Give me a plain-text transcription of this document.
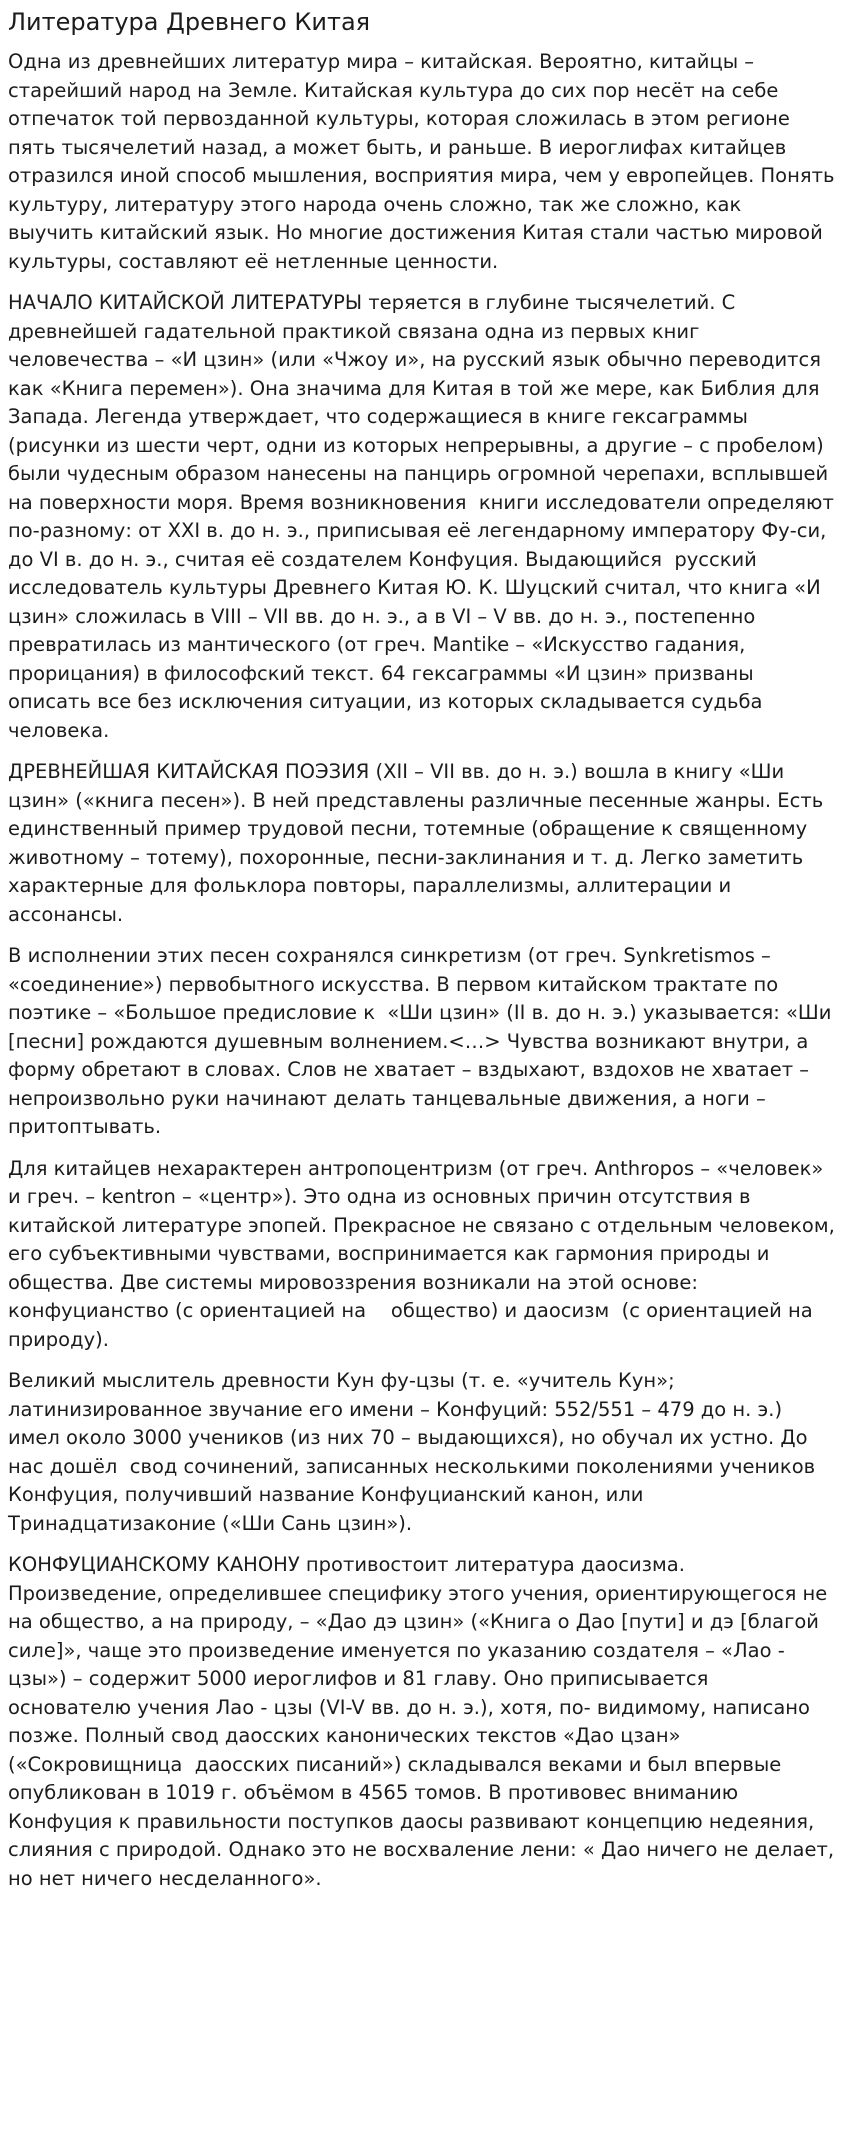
Литература Древнего Китая

Одна из древнейших литератур мира – китайская. Вероятно, китайцы – старейший народ на Земле. Китайская культура до сих пор несёт на себе отпечаток той первозданной культуры, которая сложилась в этом регионе пять тысячелетий назад, а может быть, и раньше. В иероглифах китайцев отразился иной способ мышления, восприятия мира, чем у европейцев. Понять культуру, литературу этого народа очень сложно, так же сложно, как  выучить китайский язык. Но многие достижения Китая стали частью мировой культуры, составляют её нетленные ценности.

НАЧАЛО КИТАЙСКОЙ ЛИТЕРАТУРЫ теряется в глубине тысячелетий. С древнейшей гадательной практикой связана одна из первых книг человечества – «И цзин» (или «Чжоу и», на русский язык обычно переводится как «Книга перемен»). Она значима для Китая в той же мере, как Библия для Запада. Легенда утверждает, что содержащиеся в книге гексаграммы (рисунки из шести черт, одни из которых непрерывны, а другие – с пробелом) были чудесным образом нанесены на панцирь огромной черепахи, всплывшей на поверхности моря. Время возникновения  книги исследователи определяют по-разному: от XXI в. до н. э., приписывая её легендарному императору Фу-си, до VI в. до н. э., считая её создателем Конфуция. Выдающийся  русский исследователь культуры Древнего Китая Ю. К. Шуцский считал, что книга «И цзин» сложилась в VIII – VII вв. до н. э., а в VI – V вв. до н. э., постепенно превратилась из мантического (от греч. Mantike – «Искусство гадания, прорицания) в философский текст. 64 гексаграммы «И цзин» призваны описать все без исключения ситуации, из которых складывается судьба человека.

ДРЕВНЕЙШАЯ КИТАЙСКАЯ ПОЭЗИЯ (XII – VII вв. до н. э.) вошла в книгу «Ши цзин» («книга песен»). В ней представлены различные песенные жанры. Есть единственный пример трудовой песни, тотемные (обращение к священному животному – тотему), похоронные, песни-заклинания и т. д. Легко заметить характерные для фольклора повторы, параллелизмы, аллитерации и ассонансы.

В исполнении этих песен сохранялся синкретизм (от греч. Synkretismos – «соединение») первобытного искусства. В первом китайском трактате по поэтике – «Большое предисловие к  «Ши цзин» (II в. до н. э.) указывается: «Ши [песни] рождаются душевным волнением.<…> Чувства возникают внутри, а форму обретают в словах. Слов не хватает – вздыхают, вздохов не хватает – непроизвольно руки начинают делать танцевальные движения, а ноги – притоптывать.

Для китайцев нехарактерен антропоцентризм (от греч. Anthropos – «человек» и греч. – kentron – «центр»). Это одна из основных причин отсутствия в китайской литературе эпопей. Прекрасное не связано с отдельным человеком, его субъективными чувствами, воспринимается как гармония природы и общества. Две системы мировоззрения возникали на этой основе: конфуцианство (с ориентацией на    общество) и даосизм  (с ориентацией на природу).

Великий мыслитель древности Кун фу-цзы (т. е. «учитель Кун»; латинизированное звучание его имени – Конфуций: 552/551 – 479 до н. э.) имел около 3000 учеников (из них 70 – выдающихся), но обучал их устно. До нас дошёл  свод сочинений, записанных несколькими поколениями учеников Конфуция, получивший название Конфуцианский канон, или Тринадцатизаконие («Ши Сань цзин»).

КОНФУЦИАНСКОМУ КАНОНУ противостоит литература даосизма. Произведение, определившее специфику этого учения, ориентирующегося не на общество, а на природу, – «Дао дэ цзин» («Книга о Дао [пути] и дэ [благой силе]», чаще это произведение именуется по указанию создателя – «Лао - цзы») – содержит 5000 иероглифов и 81 главу. Оно приписывается основателю учения Лао - цзы (VI-V вв. до н. э.), хотя, по- видимому, написано позже. Полный свод даосских канонических текстов «Дао цзан» («Сокровищница  даосских писаний») складывался веками и был впервые опубликован в 1019 г. объёмом в 4565 томов. В противовес вниманию Конфуция к правильности поступков даосы развивают концепцию недеяния, слияния с природой. Однако это не восхваление лени: « Дао ничего не делает, но нет ничего несделанного».
